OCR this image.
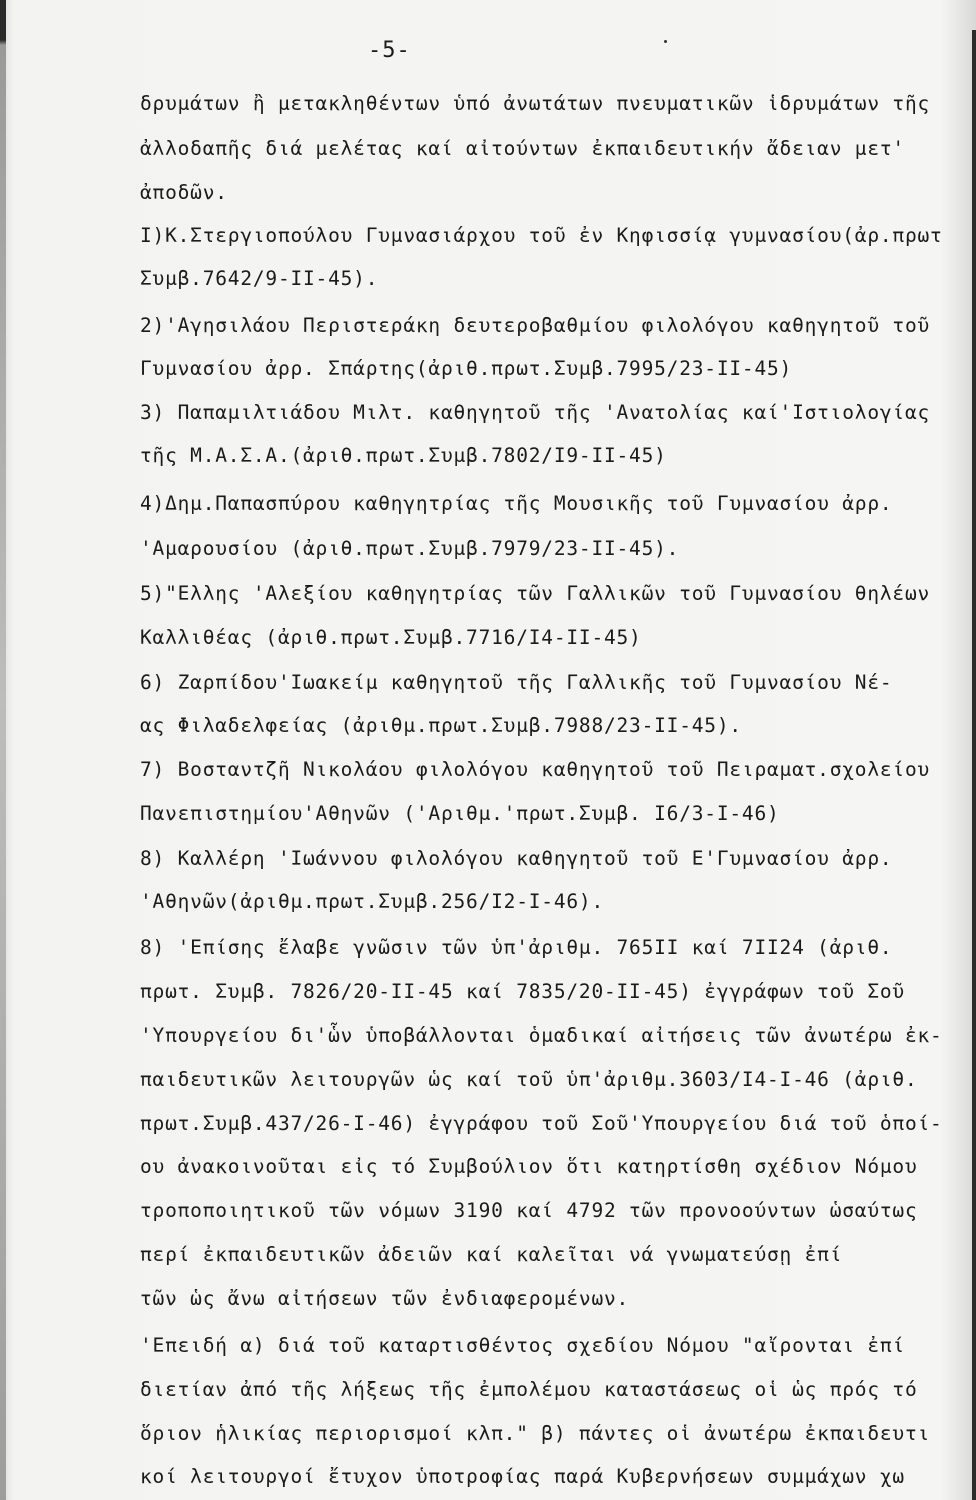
-5-
δρυμάτων ἢ μετακληθέντων ὑπό ἀνωτάτων πνευματικῶν ἱδρυμάτων τῆς
ἀλλοδαπῆς διά μελέτας καί αἰτούντων ἐκπαιδευτικήν ἄδειαν μετ'
ἀποδῶν.
I)Κ.Στεργιοπούλου Γυμνασιάρχου τοῦ ἐν Κηφισσίᾳ γυμνασίου(ἀρ.πρωτ
Συμβ.7642/9-II-45).
2)'Αγησιλάου Περιστεράκη δευτεροβαθμίου φιλολόγου καθηγητοῦ τοῦ
Γυμνασίου ἀρρ. Σπάρτης(ἀριθ.πρωτ.Συμβ.7995/23-II-45)
3) Παπαμιλτιάδου Μιλτ. καθηγητοῦ τῆς 'Ανατολίας καί'Ιστιολογίας
τῆς Μ.Α.Σ.Α.(ἀριθ.πρωτ.Συμβ.7802/I9-II-45)
4)Δημ.Παπασπύρου καθηγητρίας τῆς Μουσικῆς τοῦ Γυμνασίου ἀρρ.
'Αμαρουσίου (ἀριθ.πρωτ.Συμβ.7979/23-II-45).
5)"Ελλης 'Αλεξίου καθηγητρίας τῶν Γαλλικῶν τοῦ Γυμνασίου θηλέων
Καλλιθέας (ἀριθ.πρωτ.Συμβ.7716/I4-II-45)
6) Ζαρπίδου'Ιωακείμ καθηγητοῦ τῆς Γαλλικῆς τοῦ Γυμνασίου Νέ-
ας Φιλαδελφείας (ἀριθμ.πρωτ.Συμβ.7988/23-II-45).
7) Βοσταντζῆ Νικολάου φιλολόγου καθηγητοῦ τοῦ Πειραματ.σχολείου
Πανεπιστημίου'Αθηνῶν ('Αριθμ.'πρωτ.Συμβ. I6/3-I-46)
8) Καλλέρη 'Ιωάννου φιλολόγου καθηγητοῦ τοῦ Ε'Γυμνασίου ἀρρ.
'Αθηνῶν(ἀριθμ.πρωτ.Συμβ.256/I2-I-46).
8) 'Επίσης ἔλαβε γνῶσιν τῶν ὑπ'ἀριθμ. 765II καί 7II24 (ἀριθ.
πρωτ. Συμβ. 7826/20-II-45 καί 7835/20-II-45) ἐγγράφων τοῦ Σοῦ
'Υπουργείου δι'ὧν ὑποβάλλονται ὁμαδικαί αἰτήσεις τῶν ἀνωτέρω ἐκ-
παιδευτικῶν λειτουργῶν ὡς καί τοῦ ὑπ'ἀριθμ.3603/I4-I-46 (ἀριθ.
πρωτ.Συμβ.437/26-I-46) ἐγγράφου τοῦ Σοῦ'Υπουργείου διά τοῦ ὁποί-
ου ἀνακοινοῦται εἰς τό Συμβούλιον ὅτι κατηρτίσθη σχέδιον Νόμου
τροποποιητικοῦ τῶν νόμων 3190 καί 4792 τῶν προνοούντων ὡσαύτως
περί ἐκπαιδευτικῶν ἀδειῶν καί καλεῖται νά γνωματεύσῃ ἐπί
τῶν ὡς ἄνω αἰτήσεων τῶν ἐνδιαφερομένων.
'Επειδή α) διά τοῦ καταρτισθέντος σχεδίου Νόμου "αἴρονται ἐπί
διετίαν ἀπό τῆς λήξεως τῆς ἐμπολέμου καταστάσεως οἱ ὡς πρός τό
ὅριον ἡλικίας περιορισμοί κλπ." β) πάντες οἱ ἀνωτέρω ἐκπαιδευτι
κοί λειτουργοί ἔτυχον ὑποτροφίας παρά Κυβερνήσεων συμμάχων χω
